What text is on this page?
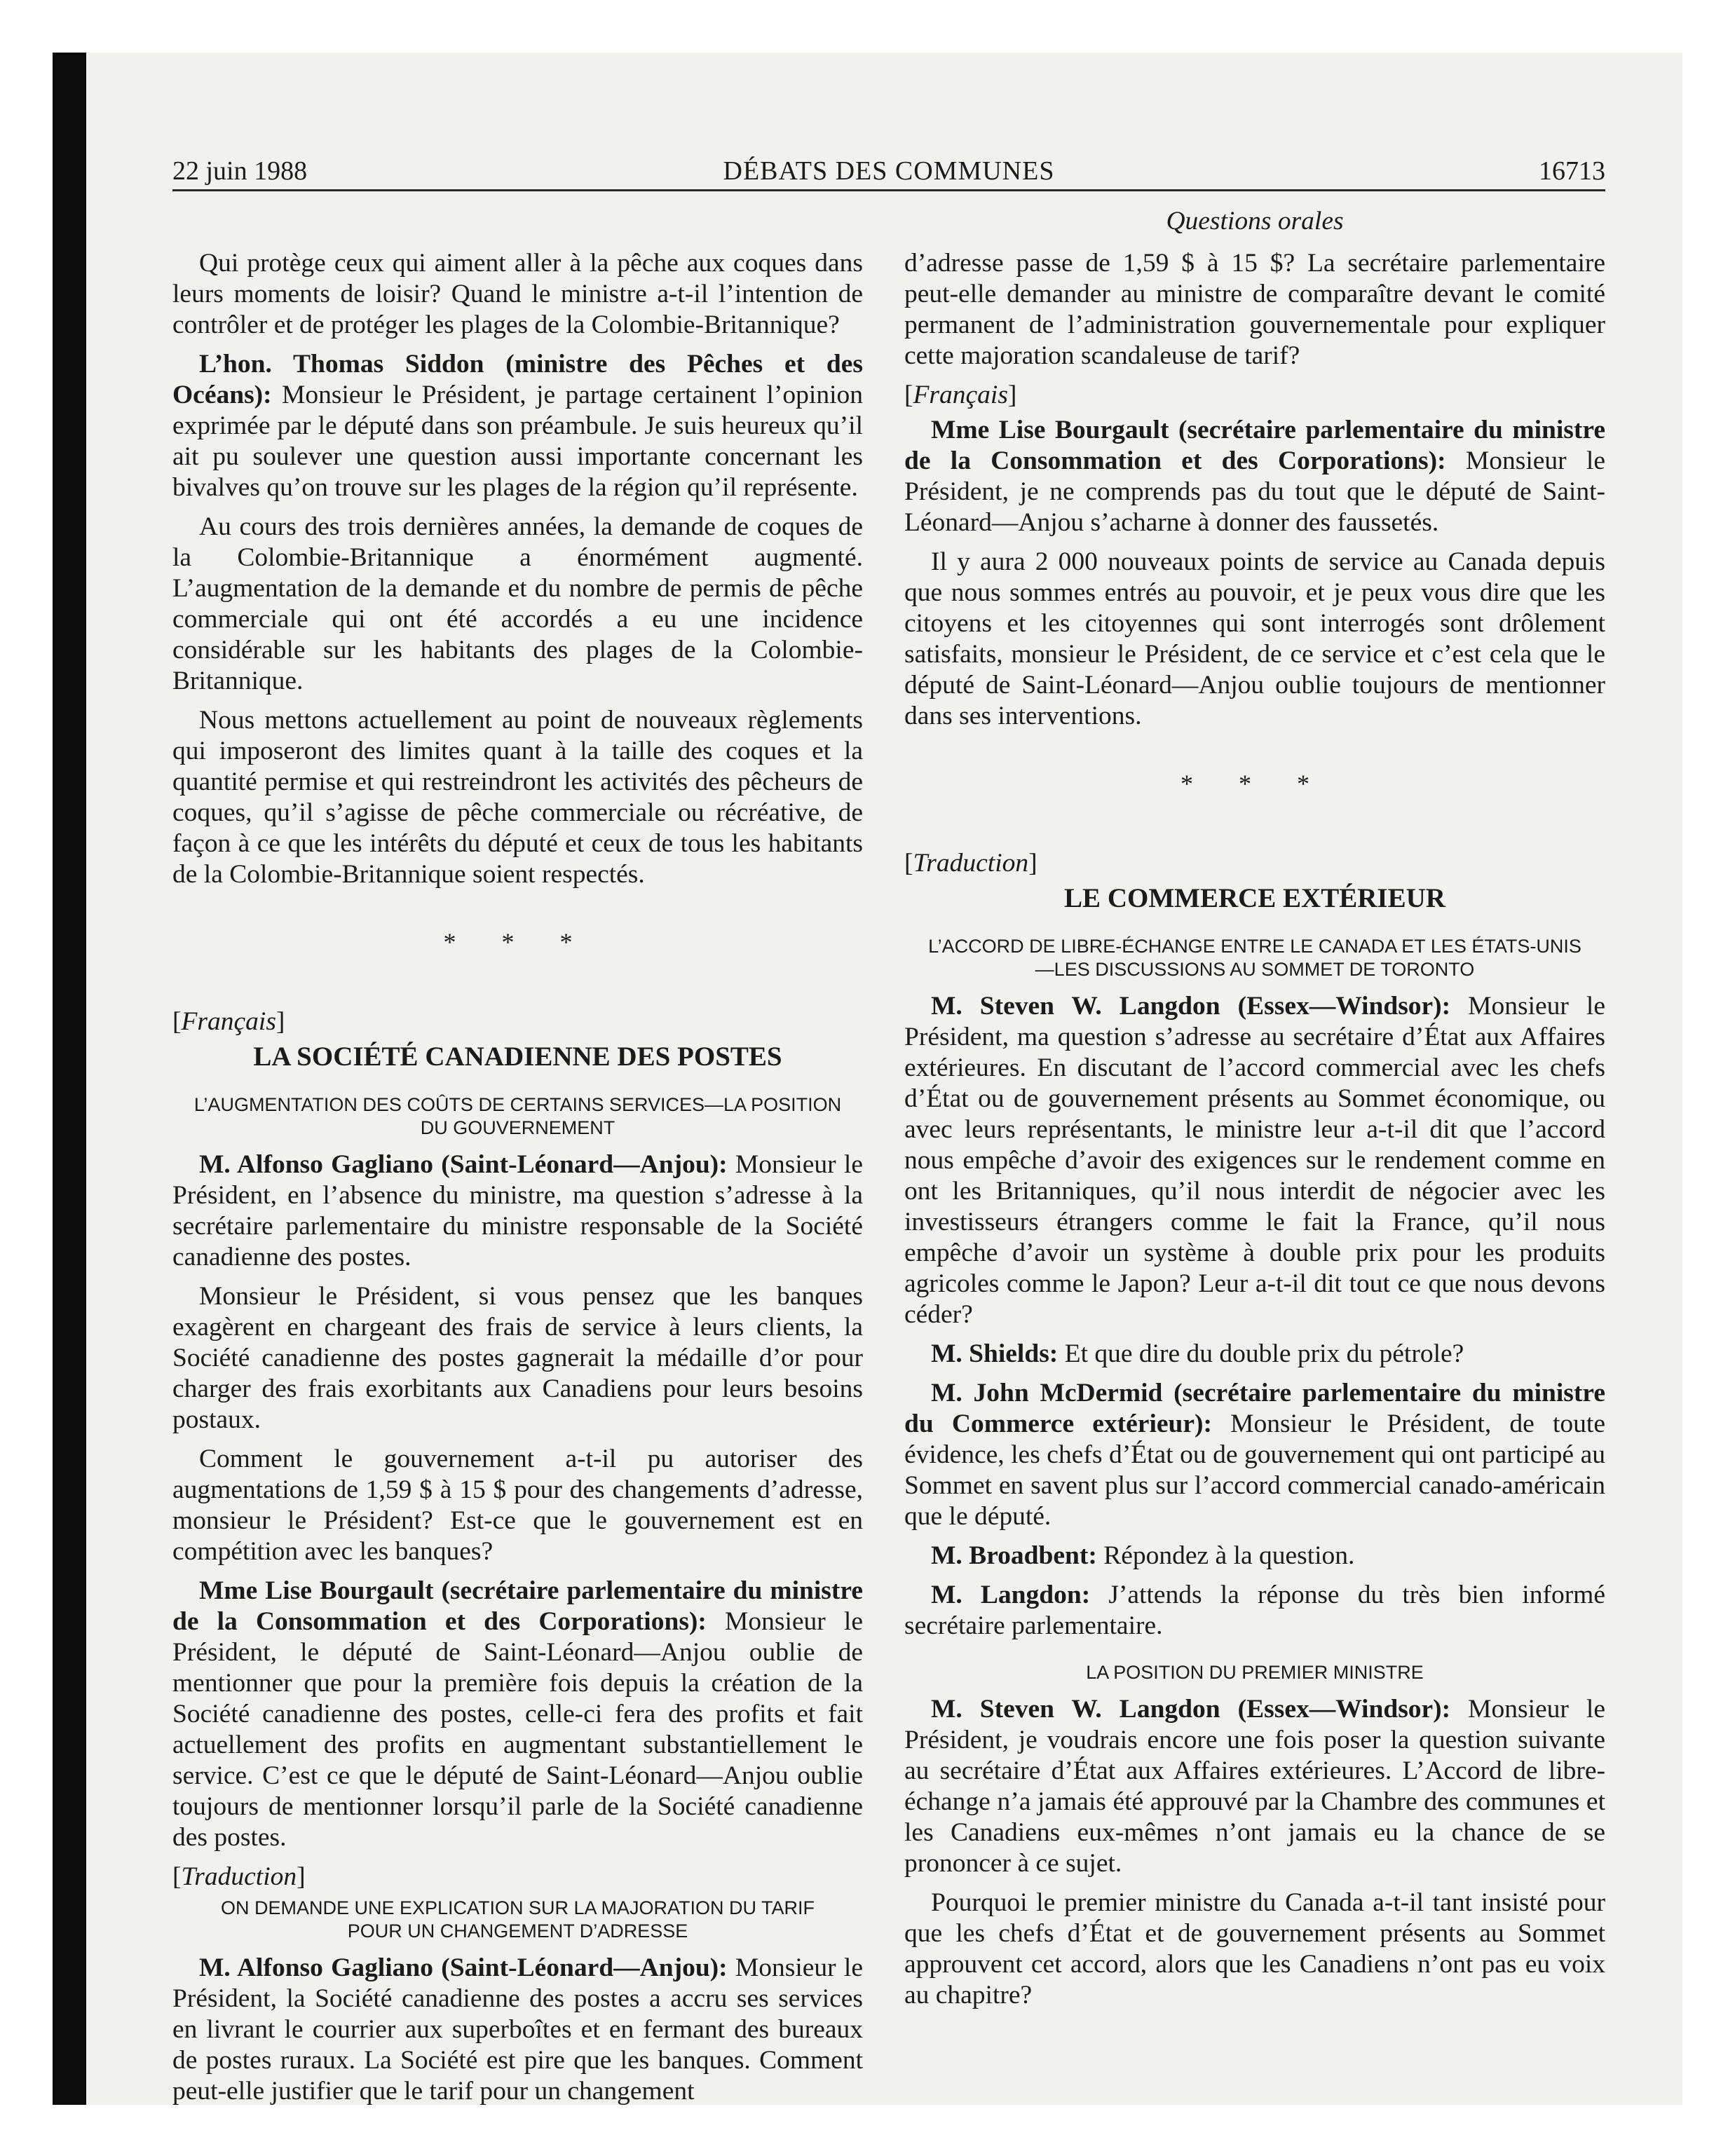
22 juin 1988	DÉBATS DES COMMUNES	16713
Questions orales

Qui protège ceux qui aiment aller à la pêche aux coques dans leurs moments de loisir? Quand le ministre a-t-il l’intention de contrôler et de protéger les plages de la Colombie-Britannique?

L’hon. Thomas Siddon (ministre des Pêches et des Océans): Monsieur le Président, je partage certainent l’opinion exprimée par le député dans son préambule. Je suis heureux qu’il ait pu soulever une question aussi importante concernant les bivalves qu’on trouve sur les plages de la région qu’il représente.

Au cours des trois dernières années, la demande de coques de la Colombie-Britannique a énormément augmenté. L’augmentation de la demande et du nombre de permis de pêche commerciale qui ont été accordés a eu une incidence considérable sur les habitants des plages de la Colombie-Britannique.

Nous mettons actuellement au point de nouveaux règlements qui imposeront des limites quant à la taille des coques et la quantité permise et qui restreindront les activités des pêcheurs de coques, qu’il s’agisse de pêche commerciale ou récréative, de façon à ce que les intérêts du député et ceux de tous les habitants de la Colombie-Britannique soient respectés.

* * *

[Français]

LA SOCIÉTÉ CANADIENNE DES POSTES
L’AUGMENTATION DES COÛTS DE CERTAINS SERVICES—LA POSITION DU GOUVERNEMENT

M. Alfonso Gagliano (Saint-Léonard—Anjou): Monsieur le Président, en l’absence du ministre, ma question s’adresse à la secrétaire parlementaire du ministre responsable de la Société canadienne des postes.

Monsieur le Président, si vous pensez que les banques exagèrent en chargeant des frais de service à leurs clients, la Société canadienne des postes gagnerait la médaille d’or pour charger des frais exorbitants aux Canadiens pour leurs besoins postaux.

Comment le gouvernement a-t-il pu autoriser des augmentations de 1,59 $ à 15 $ pour des changements d’adresse, monsieur le Président? Est-ce que le gouvernement est en compétition avec les banques?

Mme Lise Bourgault (secrétaire parlementaire du ministre de la Consommation et des Corporations): Monsieur le Président, le député de Saint-Léonard—Anjou oublie de mentionner que pour la première fois depuis la création de la Société canadienne des postes, celle-ci fera des profits et fait actuellement des profits en augmentant substantiellement le service. C’est ce que le député de Saint-Léonard—Anjou oublie toujours de mentionner lorsqu’il parle de la Société canadienne des postes.

[Traduction]

ON DEMANDE UNE EXPLICATION SUR LA MAJORATION DU TARIF POUR UN CHANGEMENT D’ADRESSE

M. Alfonso Gagliano (Saint-Léonard—Anjou): Monsieur le Président, la Société canadienne des postes a accru ses services en livrant le courrier aux superboîtes et en fermant des bureaux de postes ruraux. La Société est pire que les banques. Comment peut-elle justifier que le tarif pour un changement

d’adresse passe de 1,59 $ à 15 $? La secrétaire parlementaire peut-elle demander au ministre de comparaître devant le comité permanent de l’administration gouvernementale pour expliquer cette majoration scandaleuse de tarif?

[Français]

Mme Lise Bourgault (secrétaire parlementaire du ministre de la Consommation et des Corporations): Monsieur le Président, je ne comprends pas du tout que le député de Saint-Léonard—Anjou s’acharne à donner des faussetés.

Il y aura 2 000 nouveaux points de service au Canada depuis que nous sommes entrés au pouvoir, et je peux vous dire que les citoyens et les citoyennes qui sont interrogés sont drôlement satisfaits, monsieur le Président, de ce service et c’est cela que le député de Saint-Léonard—Anjou oublie toujours de mentionner dans ses interventions.

* * *

[Traduction]

LE COMMERCE EXTÉRIEUR
L’ACCORD DE LIBRE-ÉCHANGE ENTRE LE CANADA ET LES ÉTATS-UNIS—LES DISCUSSIONS AU SOMMET DE TORONTO

M. Steven W. Langdon (Essex—Windsor): Monsieur le Président, ma question s’adresse au secrétaire d’État aux Affaires extérieures. En discutant de l’accord commercial avec les chefs d’État ou de gouvernement présents au Sommet économique, ou avec leurs représentants, le ministre leur a-t-il dit que l’accord nous empêche d’avoir des exigences sur le rendement comme en ont les Britanniques, qu’il nous interdit de négocier avec les investisseurs étrangers comme le fait la France, qu’il nous empêche d’avoir un système à double prix pour les produits agricoles comme le Japon? Leur a-t-il dit tout ce que nous devons céder?

M. Shields: Et que dire du double prix du pétrole?

M. John McDermid (secrétaire parlementaire du ministre du Commerce extérieur): Monsieur le Président, de toute évidence, les chefs d’État ou de gouvernement qui ont participé au Sommet en savent plus sur l’accord commercial canado-américain que le député.

M. Broadbent: Répondez à la question.

M. Langdon: J’attends la réponse du très bien informé secrétaire parlementaire.

LA POSITION DU PREMIER MINISTRE

M. Steven W. Langdon (Essex—Windsor): Monsieur le Président, je voudrais encore une fois poser la question suivante au secrétaire d’État aux Affaires extérieures. L’Accord de libre-échange n’a jamais été approuvé par la Chambre des communes et les Canadiens eux-mêmes n’ont jamais eu la chance de se prononcer à ce sujet.

Pourquoi le premier ministre du Canada a-t-il tant insisté pour que les chefs d’État et de gouvernement présents au Sommet approuvent cet accord, alors que les Canadiens n’ont pas eu voix au chapitre?
